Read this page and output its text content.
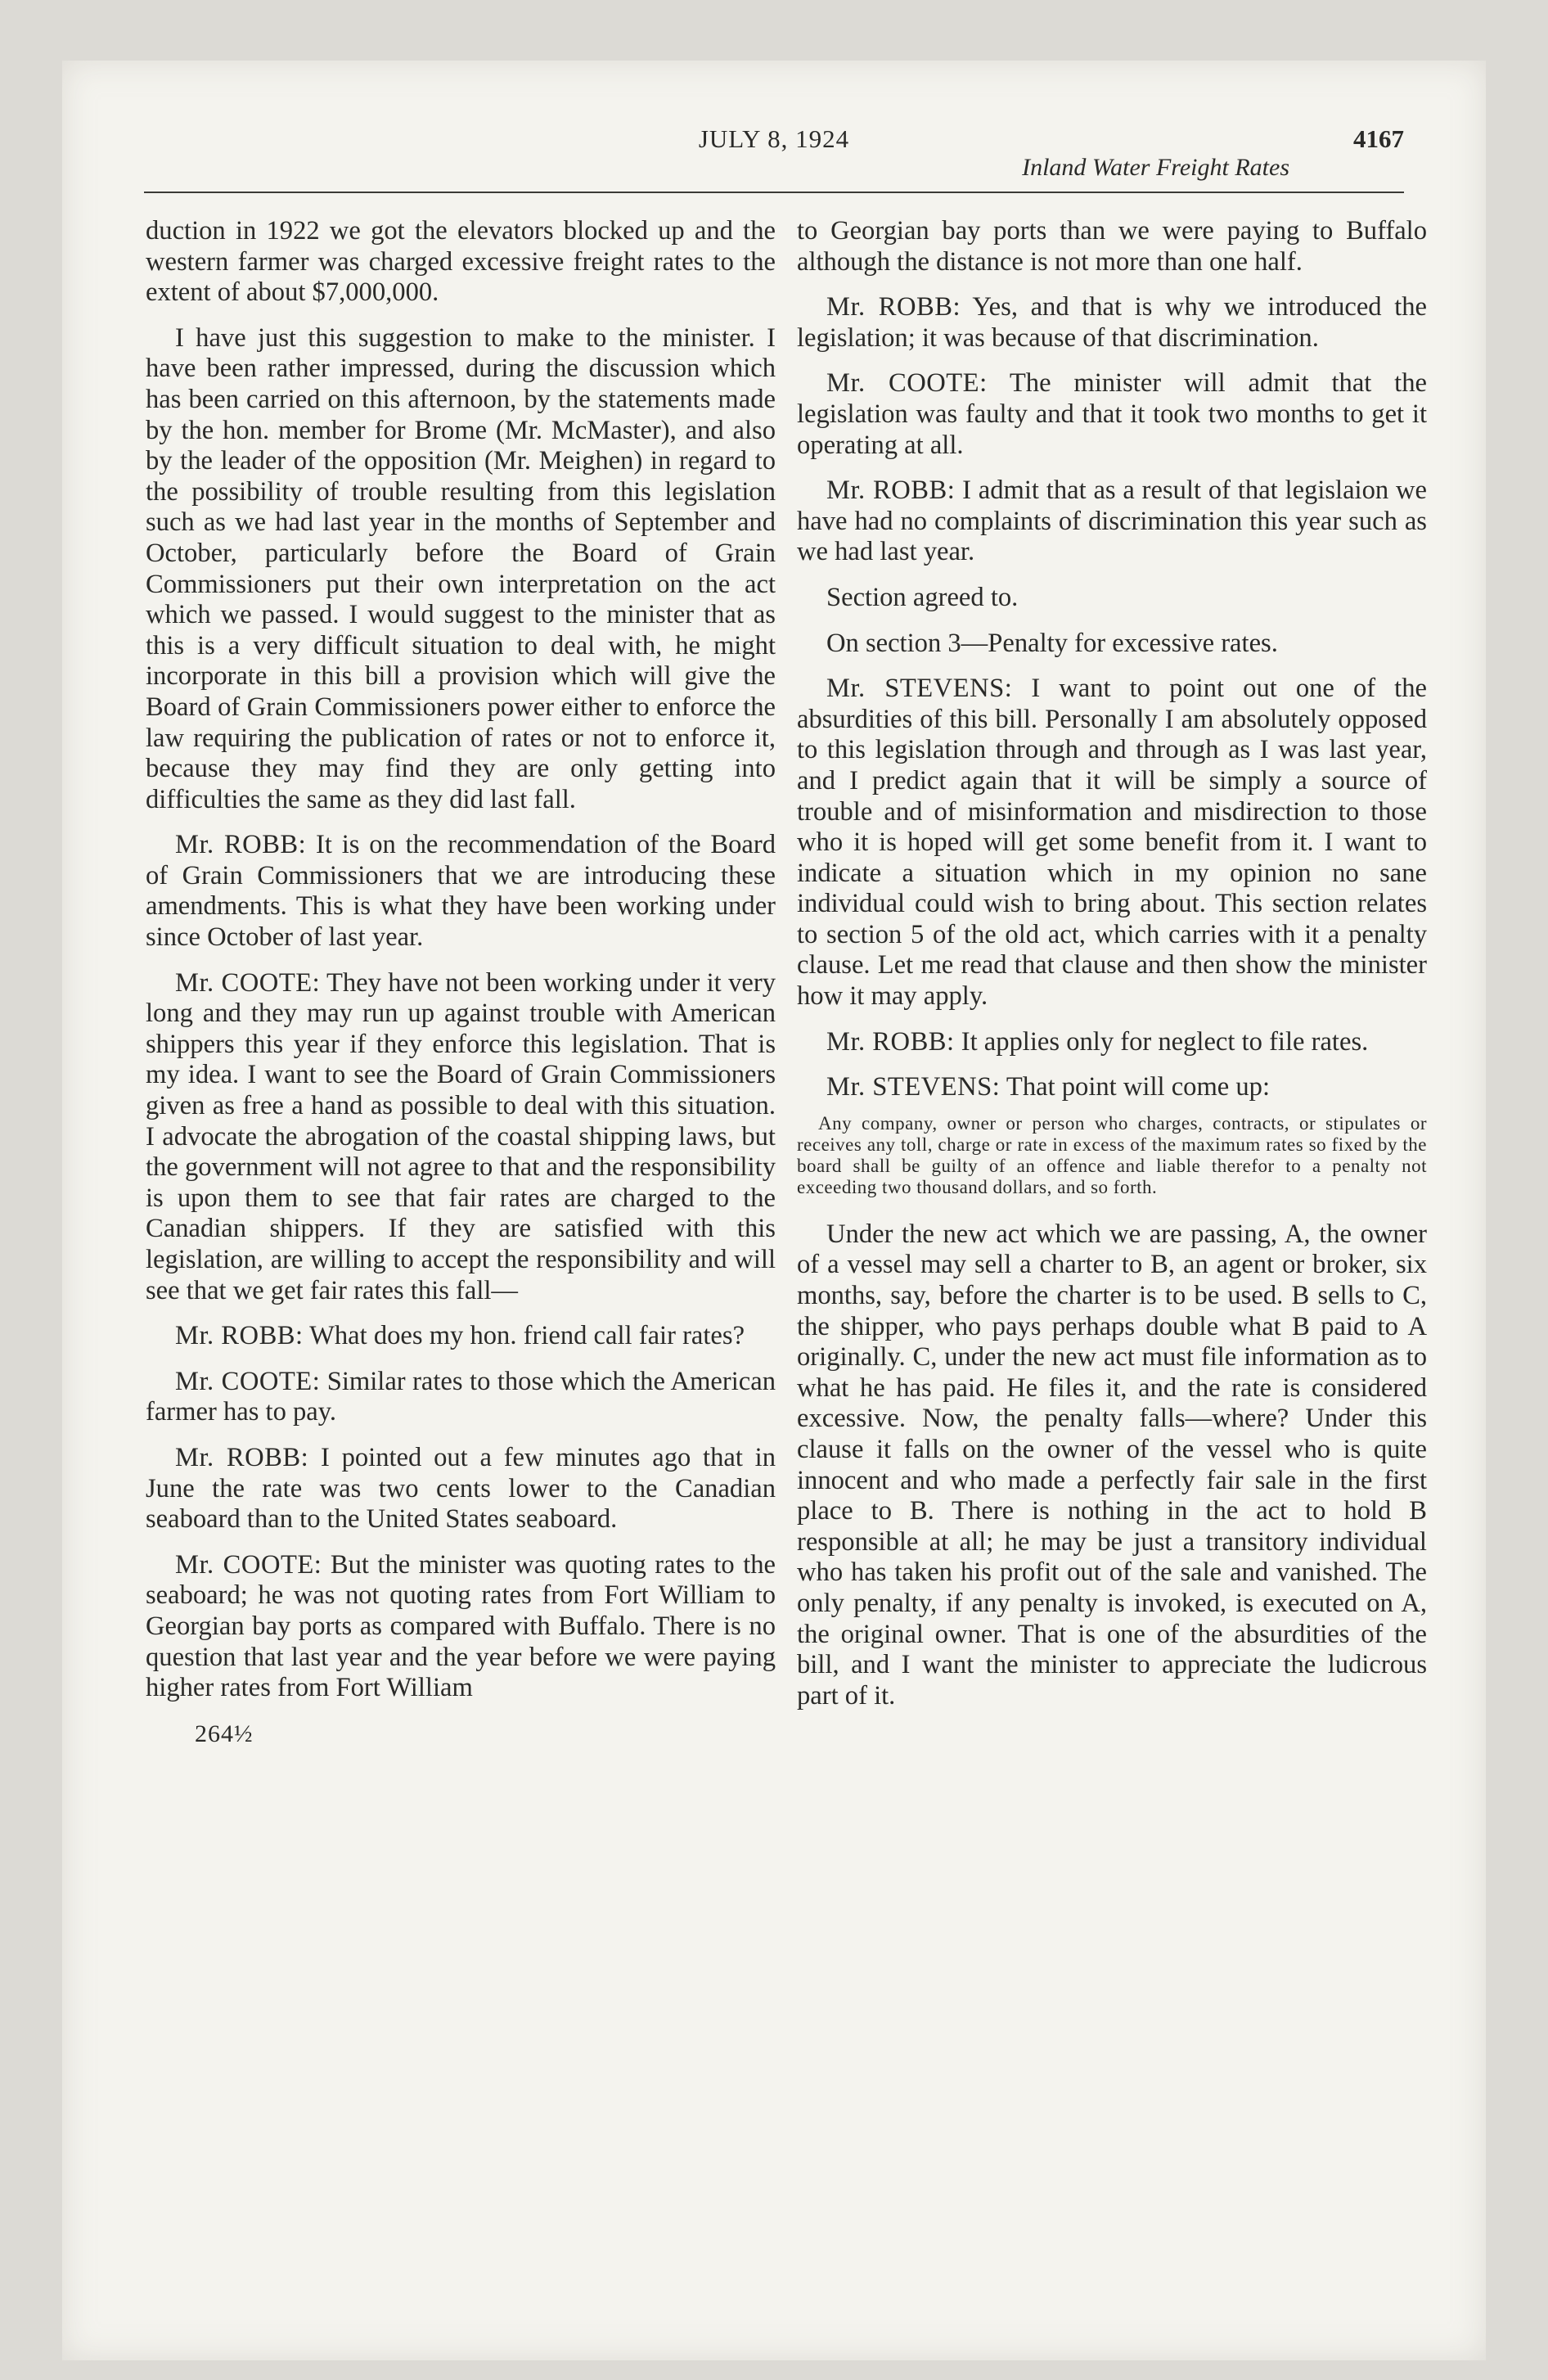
JULY 8, 1924
Inland Water Freight Rates
4167

duction in 1922 we got the elevators blocked up and the western farmer was charged excessive freight rates to the extent of about $7,000,000.

I have just this suggestion to make to the minister. I have been rather impressed, during the discussion which has been carried on this afternoon, by the statements made by the hon. member for Brome (Mr. McMaster), and also by the leader of the opposition (Mr. Meighen) in regard to the possibility of trouble resulting from this legislation such as we had last year in the months of September and October, particularly before the Board of Grain Commissioners put their own interpretation on the act which we passed. I would suggest to the minister that as this is a very difficult situation to deal with, he might incorporate in this bill a provision which will give the Board of Grain Commissioners power either to enforce the law requiring the publication of rates or not to enforce it, because they may find they are only getting into difficulties the same as they did last fall.

Mr. ROBB: It is on the recommendation of the Board of Grain Commissioners that we are introducing these amendments. This is what they have been working under since October of last year.

Mr. COOTE: They have not been working under it very long and they may run up against trouble with American shippers this year if they enforce this legislation. That is my idea. I want to see the Board of Grain Commissioners given as free a hand as possible to deal with this situation. I advocate the abrogation of the coastal shipping laws, but the government will not agree to that and the responsibility is upon them to see that fair rates are charged to the Canadian shippers. If they are satisfied with this legislation, are willing to accept the responsibility and will see that we get fair rates this fall—

Mr. ROBB: What does my hon. friend call fair rates?

Mr. COOTE: Similar rates to those which the American farmer has to pay.

Mr. ROBB: I pointed out a few minutes ago that in June the rate was two cents lower to the Canadian seaboard than to the United States seaboard.

Mr. COOTE: But the minister was quoting rates to the seaboard; he was not quoting rates from Fort William to Georgian bay ports as compared with Buffalo. There is no question that last year and the year before we were paying higher rates from Fort William

264½

to Georgian bay ports than we were paying to Buffalo although the distance is not more than one half.

Mr. ROBB: Yes, and that is why we introduced the legislation; it was because of that discrimination.

Mr. COOTE: The minister will admit that the legislation was faulty and that it took two months to get it operating at all.

Mr. ROBB: I admit that as a result of that legislaion we have had no complaints of discrimination this year such as we had last year.

Section agreed to.

On section 3—Penalty for excessive rates.

Mr. STEVENS: I want to point out one of the absurdities of this bill. Personally I am absolutely opposed to this legislation through and through as I was last year, and I predict again that it will be simply a source of trouble and of misinformation and misdirection to those who it is hoped will get some benefit from it. I want to indicate a situation which in my opinion no sane individual could wish to bring about. This section relates to section 5 of the old act, which carries with it a penalty clause. Let me read that clause and then show the minister how it may apply.

Mr. ROBB: It applies only for neglect to file rates.

Mr. STEVENS: That point will come up:

Any company, owner or person who charges, contracts, or stipulates or receives any toll, charge or rate in excess of the maximum rates so fixed by the board shall be guilty of an offence and liable therefor to a penalty not exceeding two thousand dollars, and so forth.

Under the new act which we are passing, A, the owner of a vessel may sell a charter to B, an agent or broker, six months, say, before the charter is to be used. B sells to C, the shipper, who pays perhaps double what B paid to A originally. C, under the new act must file information as to what he has paid. He files it, and the rate is considered excessive. Now, the penalty falls—where? Under this clause it falls on the owner of the vessel who is quite innocent and who made a perfectly fair sale in the first place to B. There is nothing in the act to hold B responsible at all; he may be just a transitory individual who has taken his profit out of the sale and vanished. The only penalty, if any penalty is invoked, is executed on A, the original owner. That is one of the absurdities of the bill, and I want the minister to appreciate the ludicrous part of it.
